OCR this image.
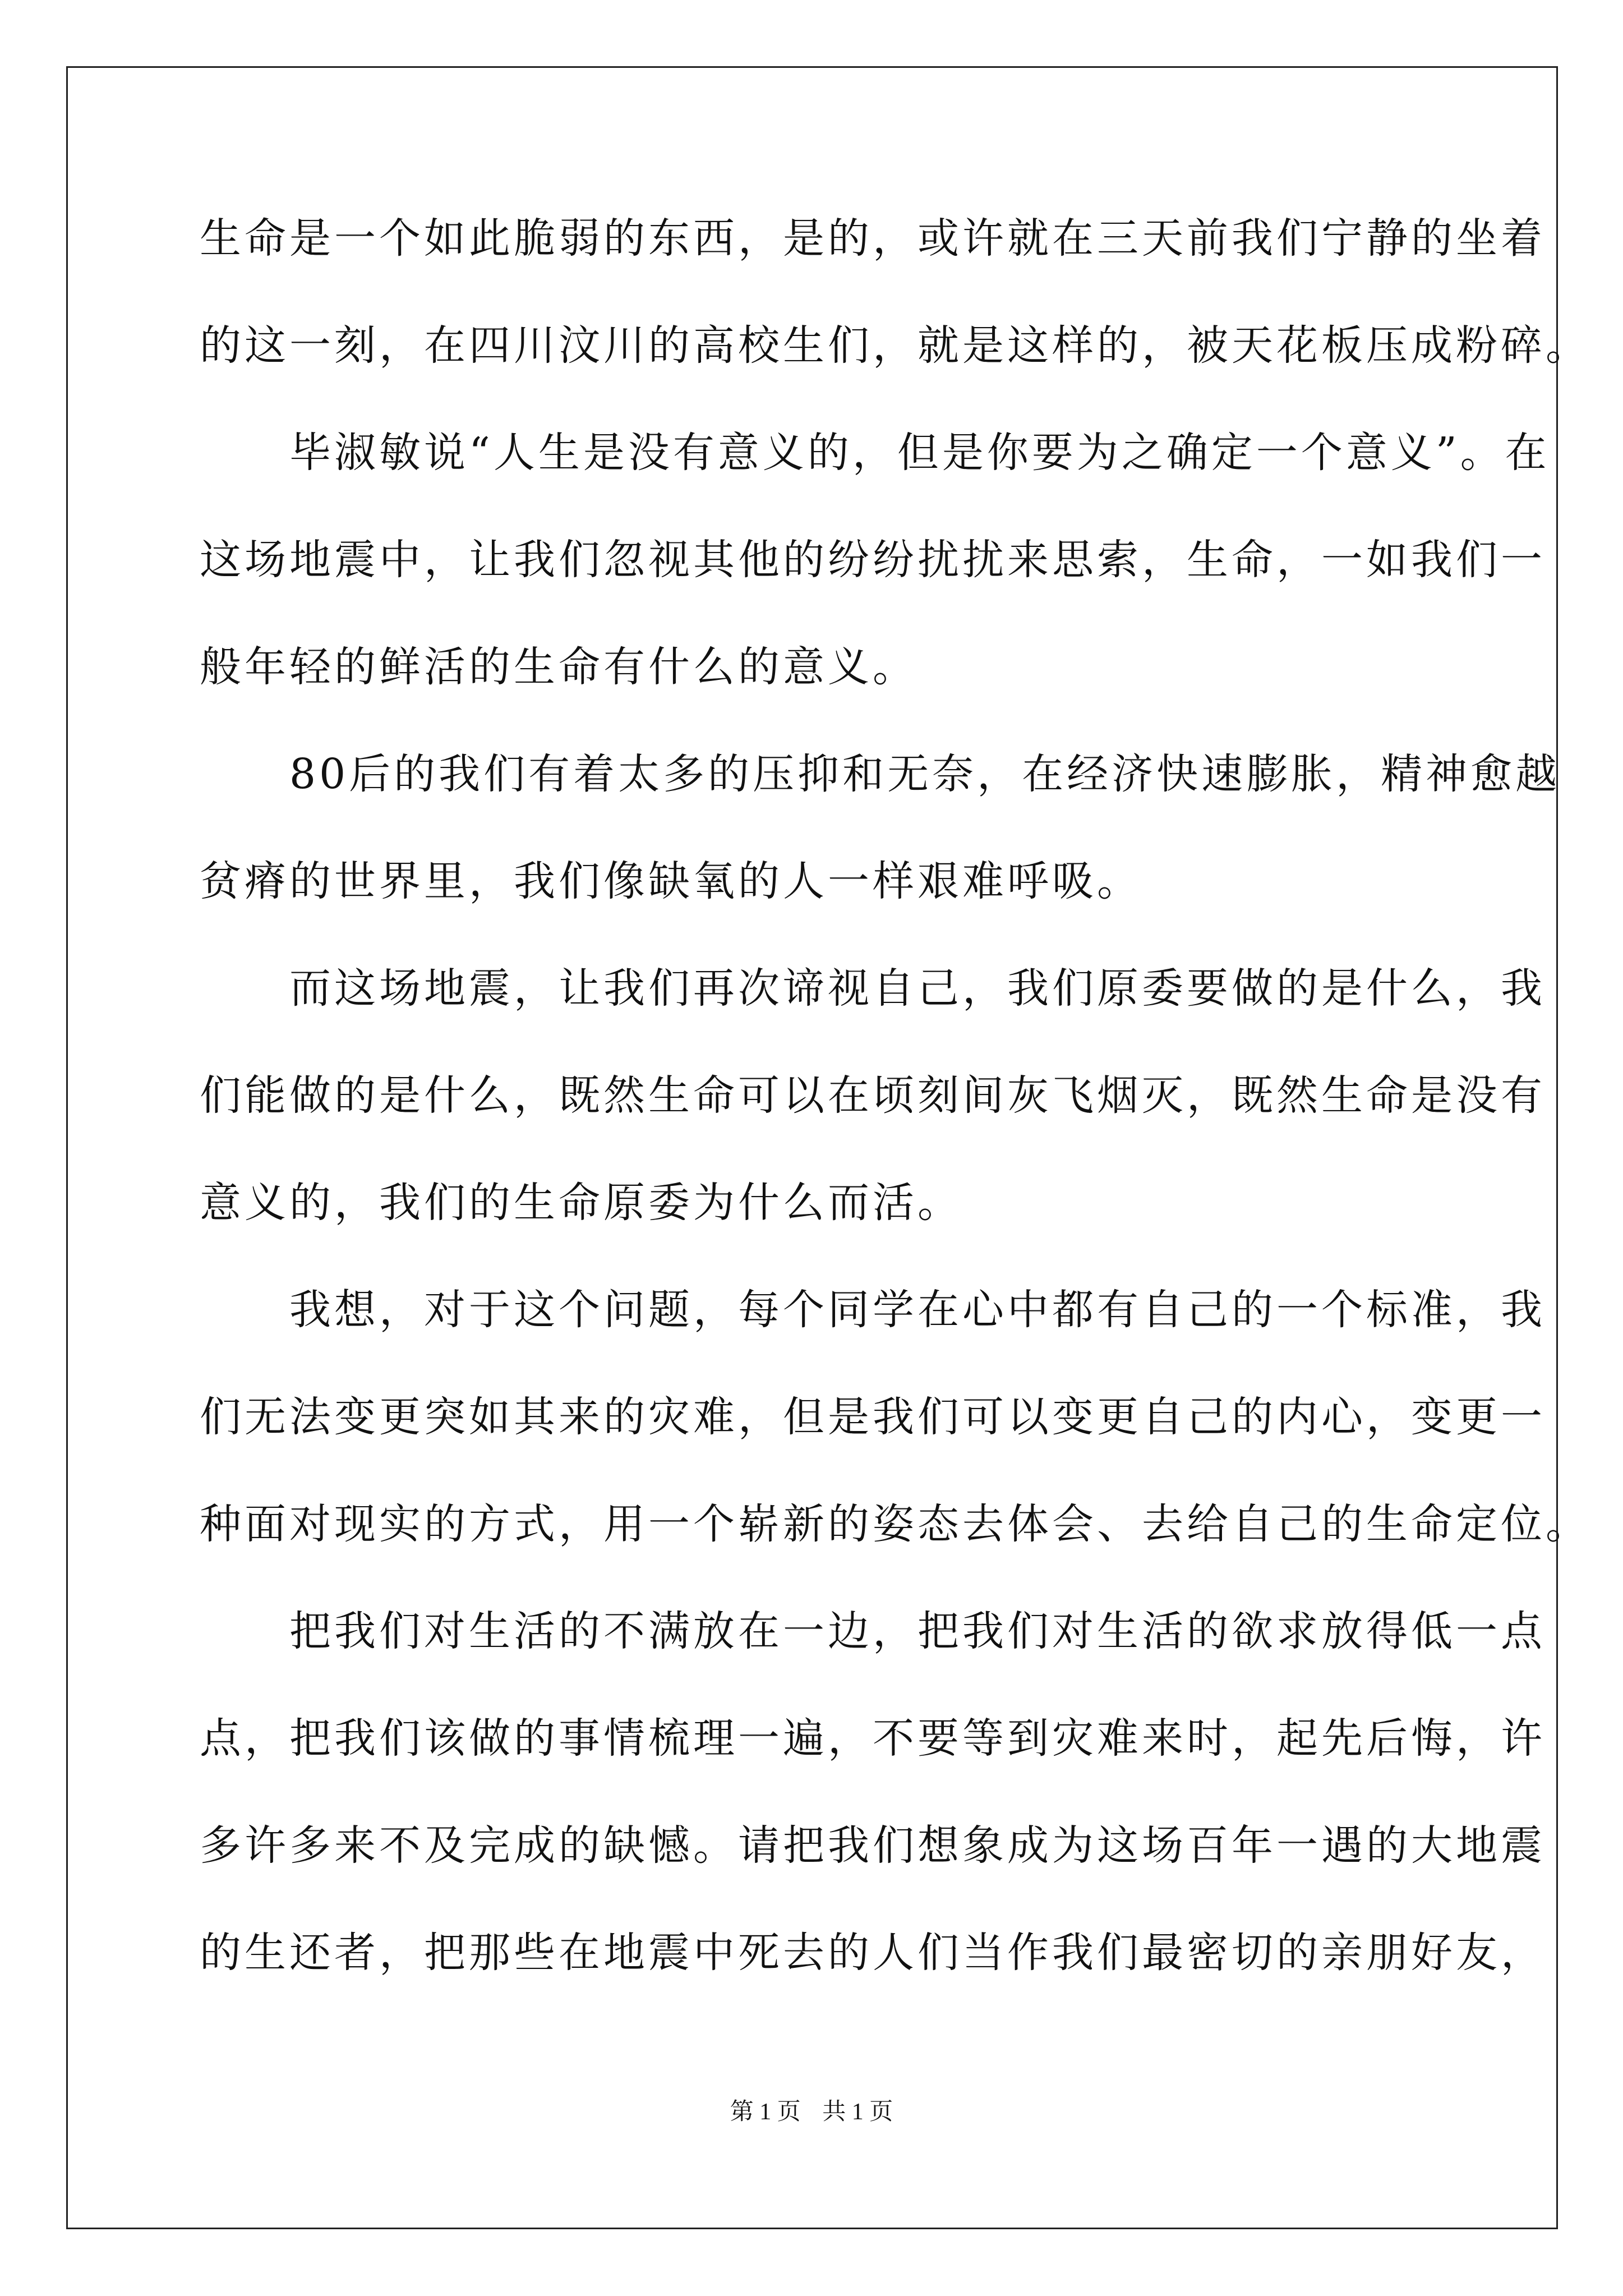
生命是一个如此脆弱的东西，是的，或许就在三天前我们宁静的坐着
的这一刻，在四川汶川的高校生们，就是这样的，被天花板压成粉碎。
　　毕淑敏说“人生是没有意义的，但是你要为之确定一个意义”。在
这场地震中，让我们忽视其他的纷纷扰扰来思索，生命，一如我们一
般年轻的鲜活的生命有什么的意义。
　　80后的我们有着太多的压抑和无奈，在经济快速膨胀，精神愈越
贫瘠的世界里，我们像缺氧的人一样艰难呼吸。
　　而这场地震，让我们再次谛视自己，我们原委要做的是什么，我
们能做的是什么，既然生命可以在顷刻间灰飞烟灭，既然生命是没有
意义的，我们的生命原委为什么而活。
　　我想，对于这个问题，每个同学在心中都有自己的一个标准，我
们无法变更突如其来的灾难，但是我们可以变更自己的内心，变更一
种面对现实的方式，用一个崭新的姿态去体会、去给自己的生命定位。
　　把我们对生活的不满放在一边，把我们对生活的欲求放得低一点
点，把我们该做的事情梳理一遍，不要等到灾难来时，起先后悔，许
多许多来不及完成的缺憾。请把我们想象成为这场百年一遇的大地震
的生还者，把那些在地震中死去的人们当作我们最密切的亲朋好友，
第 1 页 共 1 页
